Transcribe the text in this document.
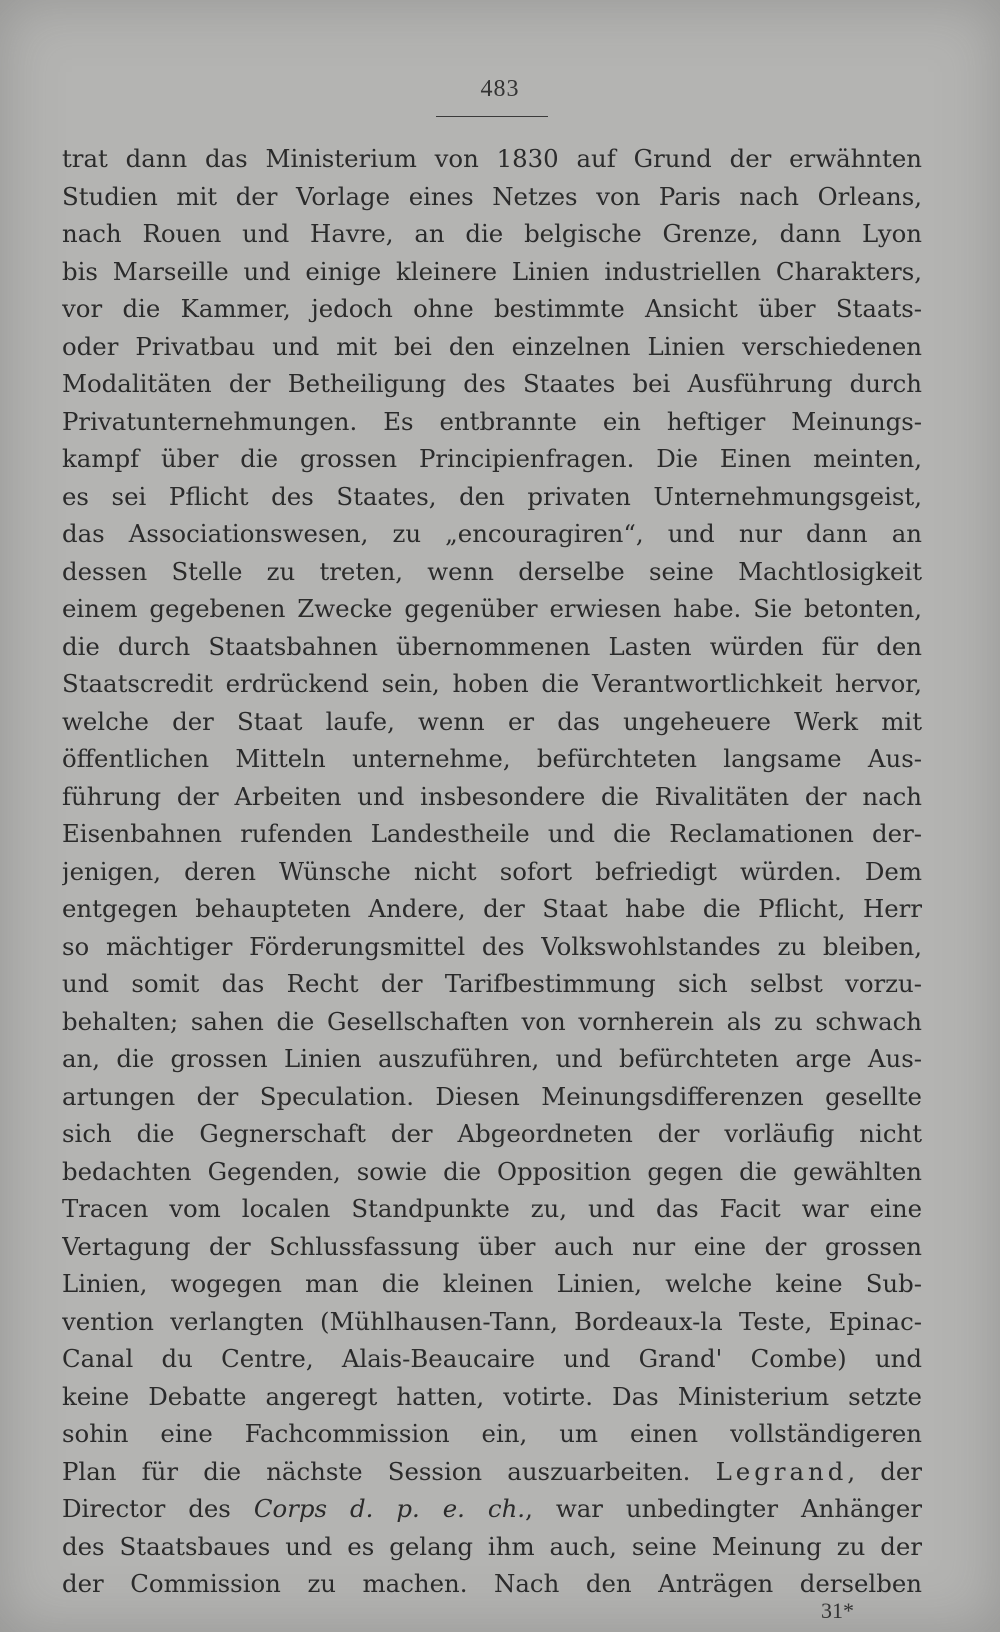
483
trat dann das Ministerium von 1830 auf Grund der erwähnten
Studien mit der Vorlage eines Netzes von Paris nach Orleans,
nach Rouen und Havre, an die belgische Grenze, dann Lyon
bis Marseille und einige kleinere Linien industriellen Charakters,
vor die Kammer, jedoch ohne bestimmte Ansicht über Staats-
oder Privatbau und mit bei den einzelnen Linien verschiedenen
Modalitäten der Betheiligung des Staates bei Ausführung durch
Privatunternehmungen. Es entbrannte ein heftiger Meinungs-
kampf über die grossen Principienfragen. Die Einen meinten,
es sei Pflicht des Staates, den privaten Unternehmungsgeist,
das Associationswesen, zu „encouragiren“, und nur dann an
dessen Stelle zu treten, wenn derselbe seine Machtlosigkeit
einem gegebenen Zwecke gegenüber erwiesen habe. Sie betonten,
die durch Staatsbahnen übernommenen Lasten würden für den
Staatscredit erdrückend sein, hoben die Verantwortlichkeit hervor,
welche der Staat laufe, wenn er das ungeheuere Werk mit
öffentlichen Mitteln unternehme, befürchteten langsame Aus-
führung der Arbeiten und insbesondere die Rivalitäten der nach
Eisenbahnen rufenden Landestheile und die Reclamationen der-
jenigen, deren Wünsche nicht sofort befriedigt würden. Dem
entgegen behaupteten Andere, der Staat habe die Pflicht, Herr
so mächtiger Förderungsmittel des Volkswohlstandes zu bleiben,
und somit das Recht der Tarifbestimmung sich selbst vorzu-
behalten; sahen die Gesellschaften von vornherein als zu schwach
an, die grossen Linien auszuführen, und befürchteten arge Aus-
artungen der Speculation. Diesen Meinungsdifferenzen gesellte
sich die Gegnerschaft der Abgeordneten der vorläufig nicht
bedachten Gegenden, sowie die Opposition gegen die gewählten
Tracen vom localen Standpunkte zu, und das Facit war eine
Vertagung der Schlussfassung über auch nur eine der grossen
Linien, wogegen man die kleinen Linien, welche keine Sub-
vention verlangten (Mühlhausen-Tann, Bordeaux-la Teste, Epinac-
Canal du Centre, Alais-Beaucaire und Grand' Combe) und
keine Debatte angeregt hatten, votirte. Das Ministerium setzte
sohin eine Fachcommission ein, um einen vollständigeren
Plan für die nächste Session auszuarbeiten. Legrand, der
Director des Corps d. p. e. ch., war unbedingter Anhänger
des Staatsbaues und es gelang ihm auch, seine Meinung zu der
der Commission zu machen. Nach den Anträgen derselben
31*
